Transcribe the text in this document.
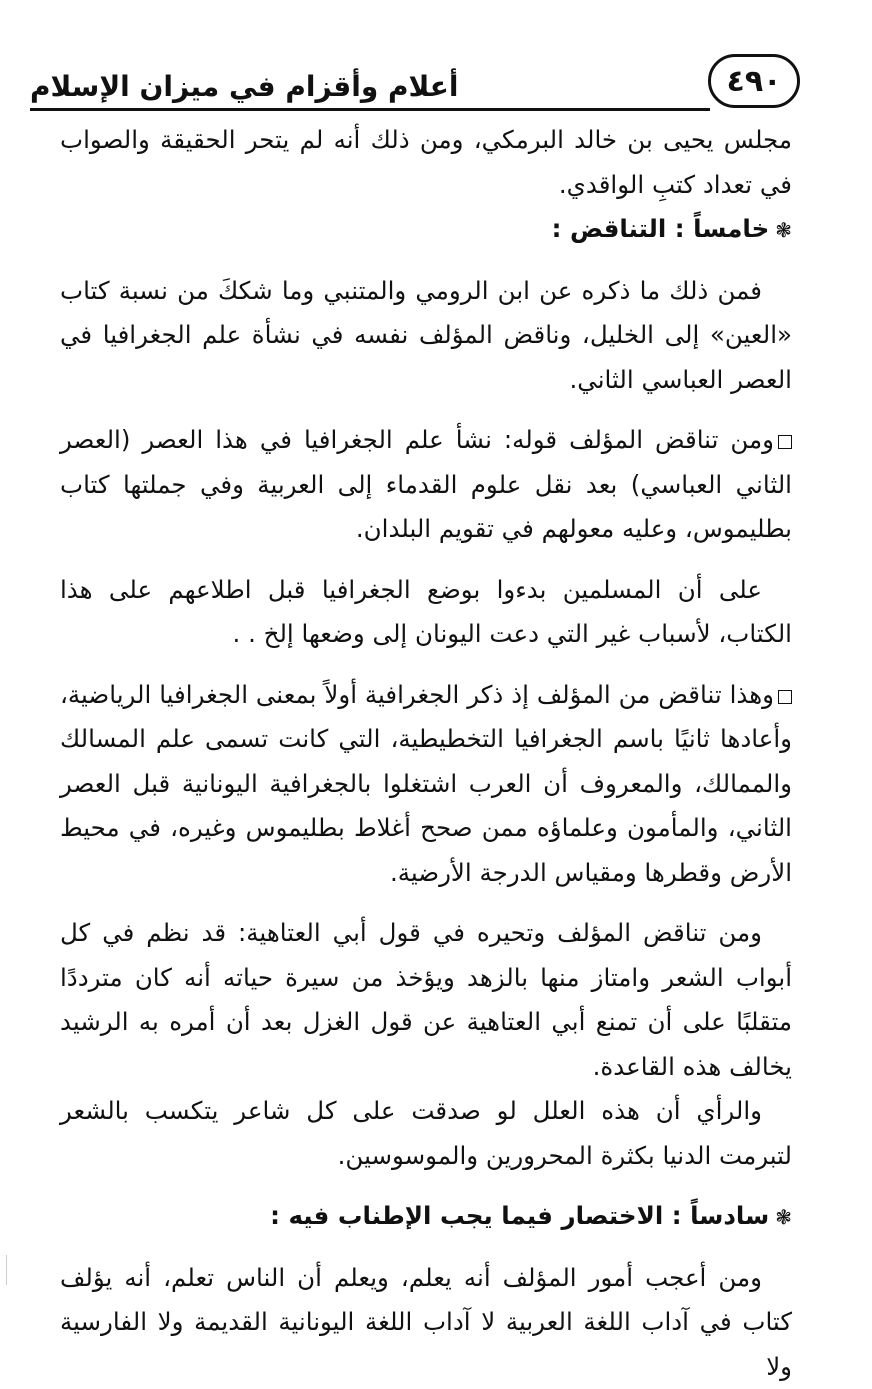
٤٩٠
أعلام وأقزام في ميزان الإسلام

مجلس يحيى بن خالد البرمكي، ومن ذلك أنه لم يتحر الحقيقة والصواب في تعداد كتبِ الواقدي.

❃خامساً : التناقض :

فمن ذلك ما ذكره عن ابن الرومي والمتنبي وما شككَ من نسبة كتاب «العين» إلى الخليل، وناقض المؤلف نفسه في نشأة علم الجغرافيا في العصر العباسي الثاني.

ومن تناقض المؤلف قوله: نشأ علم الجغرافيا في هذا العصر (العصر الثاني العباسي) بعد نقل علوم القدماء إلى العربية وفي جملتها كتاب بطليموس، وعليه معولهم في تقويم البلدان.

على أن المسلمين بدءوا بوضع الجغرافيا قبل اطلاعهم على هذا الكتاب، لأسباب غير التي دعت اليونان إلى وضعها إلخ . .

وهذا تناقض من المؤلف إذ ذكر الجغرافية أولاً بمعنى الجغرافيا الرياضية، وأعادها ثانيًا باسم الجغرافيا التخطيطية، التي كانت تسمى علم المسالك والممالك، والمعروف أن العرب اشتغلوا بالجغرافية اليونانية قبل العصر الثاني، والمأمون وعلماؤه ممن صحح أغلاط بطليموس وغيره، في محيط الأرض وقطرها ومقياس الدرجة الأرضية.

ومن تناقض المؤلف وتحيره في قول أبي العتاهية: قد نظم في كل أبواب الشعر وامتاز منها بالزهد ويؤخذ من سيرة حياته أنه كان مترددًا متقلبًا على أن تمنع أبي العتاهية عن قول الغزل بعد أن أمره به الرشيد يخالف هذه القاعدة.

والرأي أن هذه العلل لو صدقت على كل شاعر يتكسب بالشعر لتبرمت الدنيا بكثرة المحرورين والموسوسين.

❃سادساً : الاختصار فيما يجب الإطناب فيه :

ومن أعجب أمور المؤلف أنه يعلم، ويعلم أن الناس تعلم، أنه يؤلف كتاب في آداب اللغة العربية لا آداب اللغة اليونانية القديمة ولا الفارسية ولا
